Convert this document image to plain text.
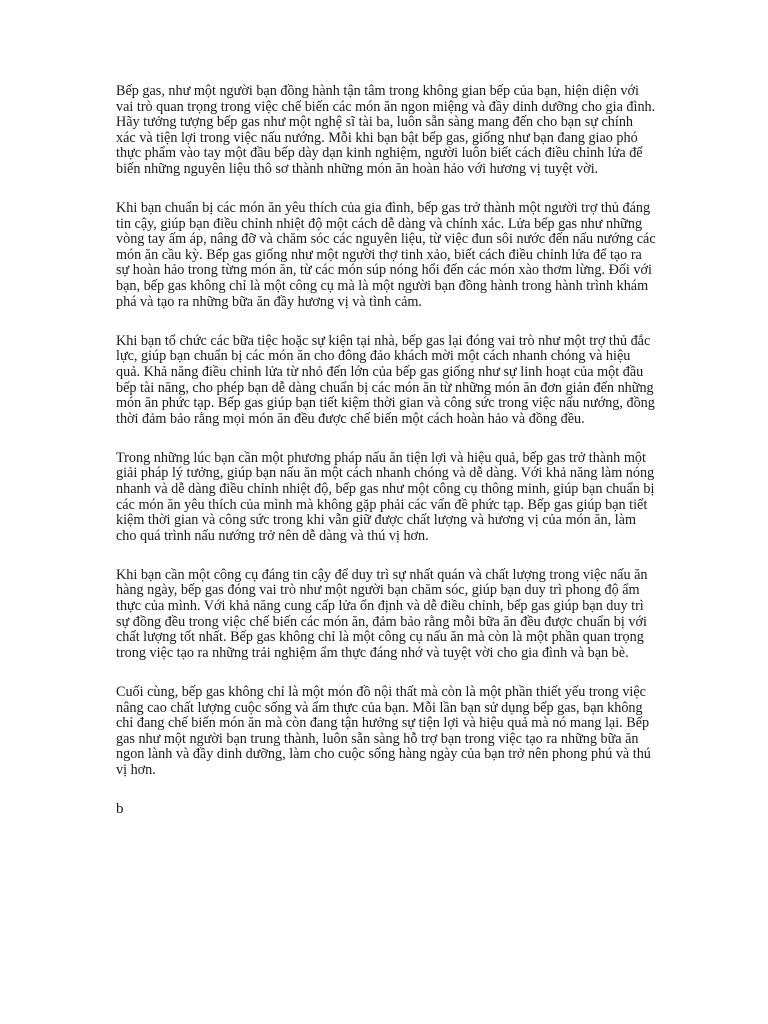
Bếp gas, như một người bạn đồng hành tận tâm trong không gian bếp của bạn, hiện diện với vai trò quan trọng trong việc chế biến các món ăn ngon miệng và đầy dinh dưỡng cho gia đình. Hãy tưởng tượng bếp gas như một nghệ sĩ tài ba, luôn sẵn sàng mang đến cho bạn sự chính xác và tiện lợi trong việc nấu nướng. Mỗi khi bạn bật bếp gas, giống như bạn đang giao phó thực phẩm vào tay một đầu bếp dày dạn kinh nghiệm, người luôn biết cách điều chỉnh lửa để biến những nguyên liệu thô sơ thành những món ăn hoàn hảo với hương vị tuyệt vời.

Khi bạn chuẩn bị các món ăn yêu thích của gia đình, bếp gas trở thành một người trợ thủ đáng tin cậy, giúp bạn điều chỉnh nhiệt độ một cách dễ dàng và chính xác. Lửa bếp gas như những vòng tay ấm áp, nâng đỡ và chăm sóc các nguyên liệu, từ việc đun sôi nước đến nấu nướng các món ăn cầu kỳ. Bếp gas giống như một người thợ tinh xảo, biết cách điều chỉnh lửa để tạo ra sự hoàn hảo trong từng món ăn, từ các món súp nóng hổi đến các món xào thơm lừng. Đối với bạn, bếp gas không chỉ là một công cụ mà là một người bạn đồng hành trong hành trình khám phá và tạo ra những bữa ăn đầy hương vị và tình cảm.

Khi bạn tổ chức các bữa tiệc hoặc sự kiện tại nhà, bếp gas lại đóng vai trò như một trợ thủ đắc lực, giúp bạn chuẩn bị các món ăn cho đông đảo khách mời một cách nhanh chóng và hiệu quả. Khả năng điều chỉnh lửa từ nhỏ đến lớn của bếp gas giống như sự linh hoạt của một đầu bếp tài năng, cho phép bạn dễ dàng chuẩn bị các món ăn từ những món ăn đơn giản đến những món ăn phức tạp. Bếp gas giúp bạn tiết kiệm thời gian và công sức trong việc nấu nướng, đồng thời đảm bảo rằng mọi món ăn đều được chế biến một cách hoàn hảo và đồng đều.

Trong những lúc bạn cần một phương pháp nấu ăn tiện lợi và hiệu quả, bếp gas trở thành một giải pháp lý tưởng, giúp bạn nấu ăn một cách nhanh chóng và dễ dàng. Với khả năng làm nóng nhanh và dễ dàng điều chỉnh nhiệt độ, bếp gas như một công cụ thông minh, giúp bạn chuẩn bị các món ăn yêu thích của mình mà không gặp phải các vấn đề phức tạp. Bếp gas giúp bạn tiết kiệm thời gian và công sức trong khi vẫn giữ được chất lượng và hương vị của món ăn, làm cho quá trình nấu nướng trở nên dễ dàng và thú vị hơn.

Khi bạn cần một công cụ đáng tin cậy để duy trì sự nhất quán và chất lượng trong việc nấu ăn hàng ngày, bếp gas đóng vai trò như một người bạn chăm sóc, giúp bạn duy trì phong độ ẩm thực của mình. Với khả năng cung cấp lửa ổn định và dễ điều chỉnh, bếp gas giúp bạn duy trì sự đồng đều trong việc chế biến các món ăn, đảm bảo rằng mỗi bữa ăn đều được chuẩn bị với chất lượng tốt nhất. Bếp gas không chỉ là một công cụ nấu ăn mà còn là một phần quan trọng trong việc tạo ra những trải nghiệm ẩm thực đáng nhớ và tuyệt vời cho gia đình và bạn bè.

Cuối cùng, bếp gas không chỉ là một món đồ nội thất mà còn là một phần thiết yếu trong việc nâng cao chất lượng cuộc sống và ẩm thực của bạn. Mỗi lần bạn sử dụng bếp gas, bạn không chỉ đang chế biến món ăn mà còn đang tận hưởng sự tiện lợi và hiệu quả mà nó mang lại. Bếp gas như một người bạn trung thành, luôn sẵn sàng hỗ trợ bạn trong việc tạo ra những bữa ăn ngon lành và đầy dinh dưỡng, làm cho cuộc sống hàng ngày của bạn trở nên phong phú và thú vị hơn.

b
